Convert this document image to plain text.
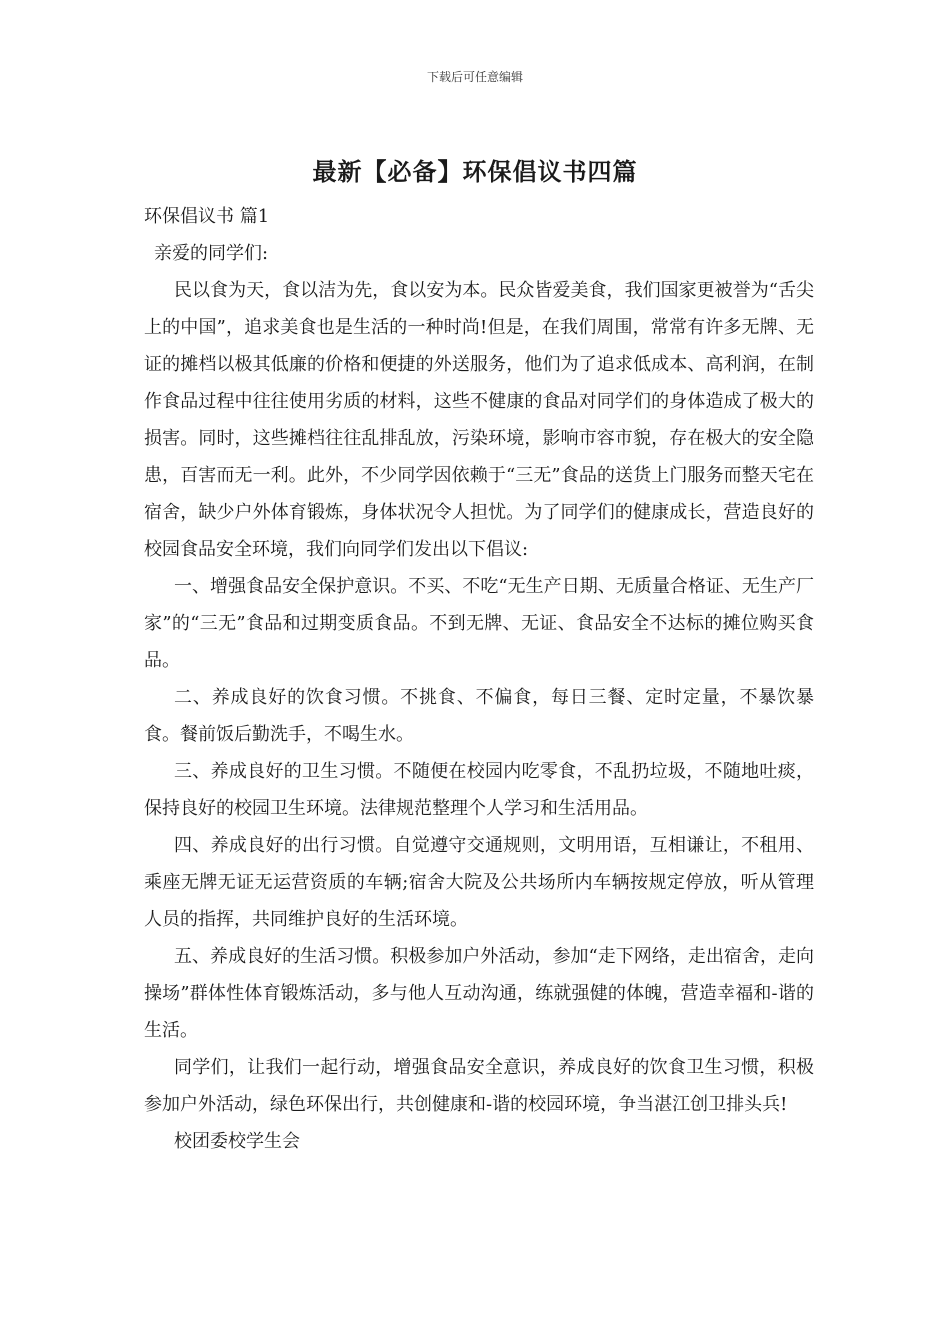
下载后可任意编辑
最新【必备】环保倡议书四篇

环保倡议书 篇1

亲爱的同学们:

民以食为天，食以洁为先，食以安为本。民众皆爱美食，我们国家更被誉为“舌尖上的中国”，追求美食也是生活的一种时尚!但是，在我们周围，常常有许多无牌、无证的摊档以极其低廉的价格和便捷的外送服务，他们为了追求低成本、高利润，在制作食品过程中往往使用劣质的材料，这些不健康的食品对同学们的身体造成了极大的损害。同时，这些摊档往往乱排乱放，污染环境，影响市容市貌，存在极大的安全隐患，百害而无一利。此外，不少同学因依赖于“三无”食品的送货上门服务而整天宅在宿舍，缺少户外体育锻炼，身体状况令人担忧。为了同学们的健康成长，营造良好的校园食品安全环境，我们向同学们发出以下倡议:

一、增强食品安全保护意识。不买、不吃“无生产日期、无质量合格证、无生产厂家”的“三无”食品和过期变质食品。不到无牌、无证、食品安全不达标的摊位购买食品。

二、养成良好的饮食习惯。不挑食、不偏食，每日三餐、定时定量，不暴饮暴食。餐前饭后勤洗手，不喝生水。

三、养成良好的卫生习惯。不随便在校园内吃零食，不乱扔垃圾，不随地吐痰，保持良好的校园卫生环境。法律规范整理个人学习和生活用品。

四、养成良好的出行习惯。自觉遵守交通规则，文明用语，互相谦让，不租用、乘座无牌无证无运营资质的车辆;宿舍大院及公共场所内车辆按规定停放，听从管理人员的指挥，共同维护良好的生活环境。

五、养成良好的生活习惯。积极参加户外活动，参加“走下网络，走出宿舍，走向操场”群体性体育锻炼活动，多与他人互动沟通，练就强健的体魄，营造幸福和-谐的生活。

同学们，让我们一起行动，增强食品安全意识，养成良好的饮食卫生习惯，积极参加户外活动，绿色环保出行，共创健康和-谐的校园环境，争当湛江创卫排头兵!

校团委校学生会
